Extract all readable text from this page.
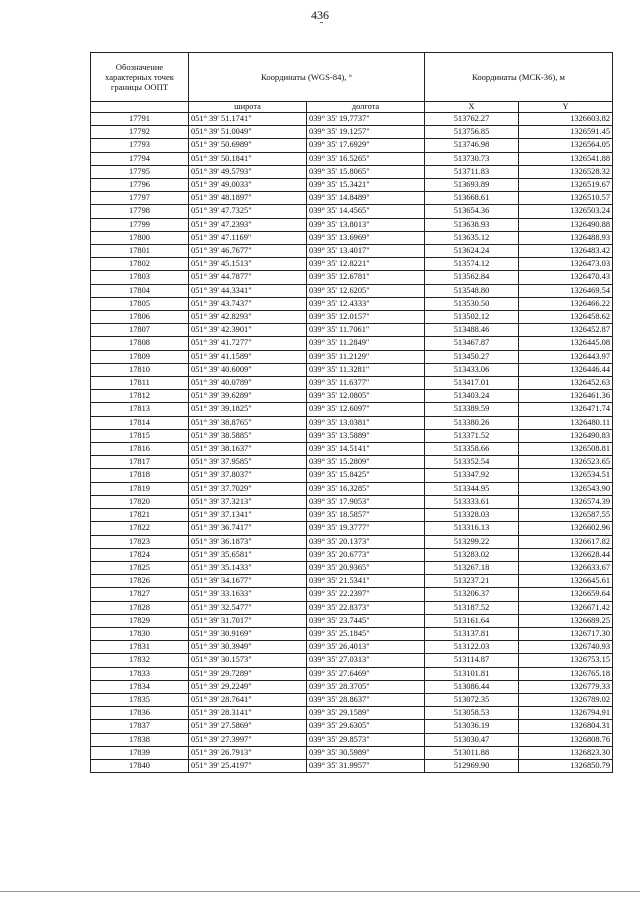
436
Обозначение характерных точек границы ООПТ	Координаты (WGS-84), °		Координаты (МСК-36), м	
	широта	долгота	X	Y
17791	051° 39' 51.1741"	039° 35' 19.7737"	513762.27	1326603.82
17792	051° 39' 51.0049"	039° 35' 19.1257"	513756.85	1326591.45
17793	051° 39' 50.6989"	039° 35' 17.6929"	513746.98	1326564.05
17794	051° 39' 50.1841"	039° 35' 16.5265"	513730.73	1326541.88
17795	051° 39' 49.5793"	039° 35' 15.8065"	513711.83	1326528.32
17796	051° 39' 49.0033"	039° 35' 15.3421"	513693.89	1326519.67
17797	051° 39' 48.1897"	039° 35' 14.8489"	513668.61	1326510.57
17798	051° 39' 47.7325"	039° 35' 14.4565"	513654.36	1326503.24
17799	051° 39' 47.2393"	039° 35' 13.8013"	513638.93	1326490.88
17800	051° 39' 47.1169"	039° 35' 13.6969"	513635.12	1326488.93
17801	051° 39' 46.7677"	039° 35' 13.4017"	513624.24	1326483.42
17802	051° 39' 45.1513"	039° 35' 12.8221"	513574.12	1326473.03
17803	051° 39' 44.7877"	039° 35' 12.6781"	513562.84	1326470.43
17804	051° 39' 44.3341"	039° 35' 12.6205"	513548.80	1326469.54
17805	051° 39' 43.7437"	039° 35' 12.4333"	513530.50	1326466.22
17806	051° 39' 42.8293"	039° 35' 12.0157"	513502.12	1326458.62
17807	051° 39' 42.3901"	039° 35' 11.7061"	513488.46	1326452.87
17808	051° 39' 41.7277"	039° 35' 11.2849"	513467.87	1326445.08
17809	051° 39' 41.1589"	039° 35' 11.2129"	513450.27	1326443.97
17810	051° 39' 40.6009"	039° 35' 11.3281"	513433.06	1326446.44
17811	051° 39' 40.0789"	039° 35' 11.6377"	513417.01	1326452.63
17812	051° 39' 39.6289"	039° 35' 12.0805"	513403.24	1326461.36
17813	051° 39' 39.1825"	039° 35' 12.6097"	513389.59	1326471.74
17814	051° 39' 38.8765"	039° 35' 13.0381"	513380.26	1326480.11
17815	051° 39' 38.5885"	039° 35' 13.5889"	513371.52	1326490.83
17816	051° 39' 38.1637"	039° 35' 14.5141"	513358.66	1326508.81
17817	051° 39' 37.9585"	039° 35' 15.2809"	513352.54	1326523.65
17818	051° 39' 37.8037"	039° 35' 15.8425"	513347.92	1326534.51
17819	051° 39' 37.7029"	039° 35' 16.3285"	513344.95	1326543.90
17820	051° 39' 37.3213"	039° 35' 17.9053"	513333.61	1326574.39
17821	051° 39' 37.1341"	039° 35' 18.5857"	513328.03	1326587.55
17822	051° 39' 36.7417"	039° 35' 19.3777"	513316.13	1326602.96
17823	051° 39' 36.1873"	039° 35' 20.1373"	513299.22	1326617.82
17824	051° 39' 35.6581"	039° 35' 20.6773"	513283.02	1326628.44
17825	051° 39' 35.1433"	039° 35' 20.9365"	513267.18	1326633.67
17826	051° 39' 34.1677"	039° 35' 21.5341"	513237.21	1326645.61
17827	051° 39' 33.1633"	039° 35' 22.2397"	513206.37	1326659.64
17828	051° 39' 32.5477"	039° 35' 22.8373"	513187.52	1326671.42
17829	051° 39' 31.7017"	039° 35' 23.7445"	513161.64	1326689.25
17830	051° 39' 30.9169"	039° 35' 25.1845"	513137.81	1326717.30
17831	051° 39' 30.3949"	039° 35' 26.4013"	513122.03	1326740.93
17832	051° 39' 30.1573"	039° 35' 27.0313"	513114.87	1326753.15
17833	051° 39' 29.7289"	039° 35' 27.6469"	513101.81	1326765.18
17834	051° 39' 29.2249"	039° 35' 28.3705"	513086.44	1326779.33
17835	051° 39' 28.7641"	039° 35' 28.8637"	513072.35	1326789.02
17836	051° 39' 28.3141"	039° 35' 29.1589"	513058.53	1326794.91
17837	051° 39' 27.5869"	039° 35' 29.6305"	513036.19	1326804.31
17838	051° 39' 27.3997"	039° 35' 29.8573"	513030.47	1326808.76
17839	051° 39' 26.7913"	039° 35' 30.5989"	513011.88	1326823.30
17840	051° 39' 25.4197"	039° 35' 31.9957"	512969.90	1326850.79
